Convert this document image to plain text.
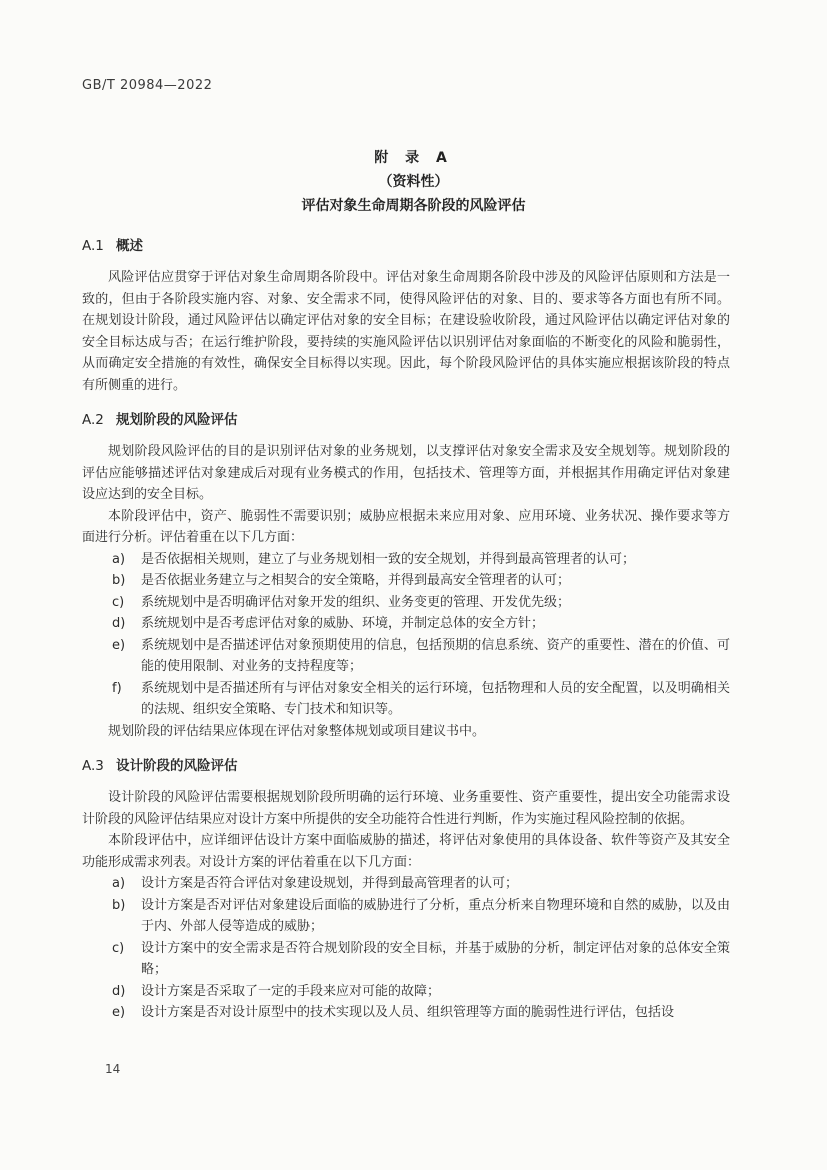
GB/T 20984—2022
附 录 A
（资料性）
评估对象生命周期各阶段的风险评估
A.1 概述

风险评估应贯穿于评估对象生命周期各阶段中。评估对象生命周期各阶段中涉及的风险评估原则和方法是一致的，但由于各阶段实施内容、对象、安全需求不同，使得风险评估的对象、目的、要求等各方面也有所不同。在规划设计阶段，通过风险评估以确定评估对象的安全目标；在建设验收阶段，通过风险评估以确定评估对象的安全目标达成与否；在运行维护阶段，要持续的实施风险评估以识别评估对象面临的不断变化的风险和脆弱性，从而确定安全措施的有效性，确保安全目标得以实现。因此，每个阶段风险评估的具体实施应根据该阶段的特点有所侧重的进行。

A.2 规划阶段的风险评估

规划阶段风险评估的目的是识别评估对象的业务规划，以支撑评估对象安全需求及安全规划等。规划阶段的评估应能够描述评估对象建成后对现有业务模式的作用，包括技术、管理等方面，并根据其作用确定评估对象建设应达到的安全目标。

本阶段评估中，资产、脆弱性不需要识别；威胁应根据未来应用对象、应用环境、业务状况、操作要求等方面进行分析。评估着重在以下几方面：

a)	是否依据相关规则，建立了与业务规划相一致的安全规划，并得到最高管理者的认可；

b)	是否依据业务建立与之相契合的安全策略，并得到最高安全管理者的认可；

c)	系统规划中是否明确评估对象开发的组织、业务变更的管理、开发优先级；

d)	系统规划中是否考虑评估对象的威胁、环境，并制定总体的安全方针；

e)	系统规划中是否描述评估对象预期使用的信息，包括预期的信息系统、资产的重要性、潜在的价值、可能的使用限制、对业务的支持程度等；

f)	系统规划中是否描述所有与评估对象安全相关的运行环境，包括物理和人员的安全配置，以及明确相关的法规、组织安全策略、专门技术和知识等。

规划阶段的评估结果应体现在评估对象整体规划或项目建议书中。

A.3 设计阶段的风险评估

设计阶段的风险评估需要根据规划阶段所明确的运行环境、业务重要性、资产重要性，提出安全功能需求设计阶段的风险评估结果应对设计方案中所提供的安全功能符合性进行判断，作为实施过程风险控制的依据。

本阶段评估中，应详细评估设计方案中面临威胁的描述，将评估对象使用的具体设备、软件等资产及其安全功能形成需求列表。对设计方案的评估着重在以下几方面：

a)	设计方案是否符合评估对象建设规划，并得到最高管理者的认可；

b)	设计方案是否对评估对象建设后面临的威胁进行了分析，重点分析来自物理环境和自然的威胁，以及由于内、外部人侵等造成的威胁；

c)	设计方案中的安全需求是否符合规划阶段的安全目标，并基于威胁的分析，制定评估对象的总体安全策略；

d)	设计方案是否采取了一定的手段来应对可能的故障；

e)	设计方案是否对设计原型中的技术实现以及人员、组织管理等方面的脆弱性进行评估，包括设

14
